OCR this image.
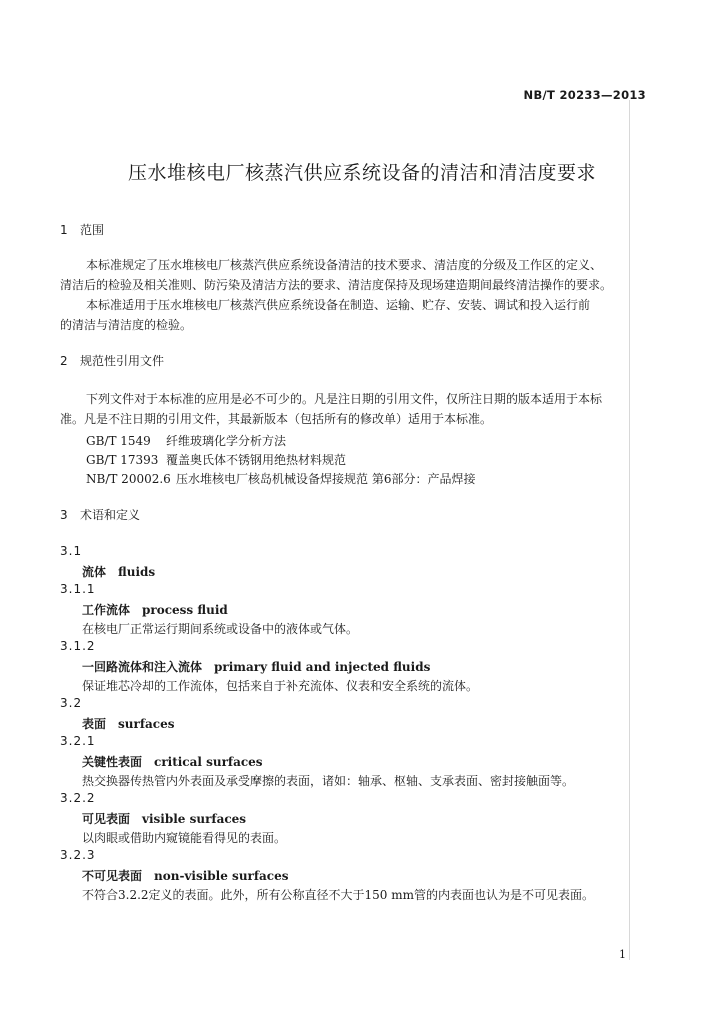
NB/T 20233—2013
压水堆核电厂核蒸汽供应系统设备的清洁和清洁度要求
1 范围
本标准规定了压水堆核电厂核蒸汽供应系统设备清洁的技术要求、清洁度的分级及工作区的定义、
清洁后的检验及相关准则、防污染及清洁方法的要求、清洁度保持及现场建造期间最终清洁操作的要求。
本标准适用于压水堆核电厂核蒸汽供应系统设备在制造、运输、贮存、安装、调试和投入运行前
的清洁与清洁度的检验。
2 规范性引用文件
下列文件对于本标准的应用是必不可少的。凡是注日期的引用文件，仅所注日期的版本适用于本标
准。凡是不注日期的引用文件，其最新版本（包括所有的修改单）适用于本标准。
GB/T 1549 纤维玻璃化学分析方法
GB/T 17393 覆盖奥氏体不锈钢用绝热材料规范
NB/T 20002.6 压水堆核电厂核岛机械设备焊接规范 第6部分：产品焊接
3 术语和定义
3.1
流体 fluids
3.1.1
工作流体 process fluid
在核电厂正常运行期间系统或设备中的液体或气体。
3.1.2
一回路流体和注入流体 primary fluid and injected fluids
保证堆芯冷却的工作流体，包括来自于补充流体、仪表和安全系统的流体。
3.2
表面 surfaces
3.2.1
关键性表面 critical surfaces
热交换器传热管内外表面及承受摩擦的表面，诸如：轴承、枢轴、支承表面、密封接触面等。
3.2.2
可见表面 visible surfaces
以肉眼或借助内窥镜能看得见的表面。
3.2.3
不可见表面 non-visible surfaces
不符合3.2.2定义的表面。此外，所有公称直径不大于150 mm管的内表面也认为是不可见表面。
1
